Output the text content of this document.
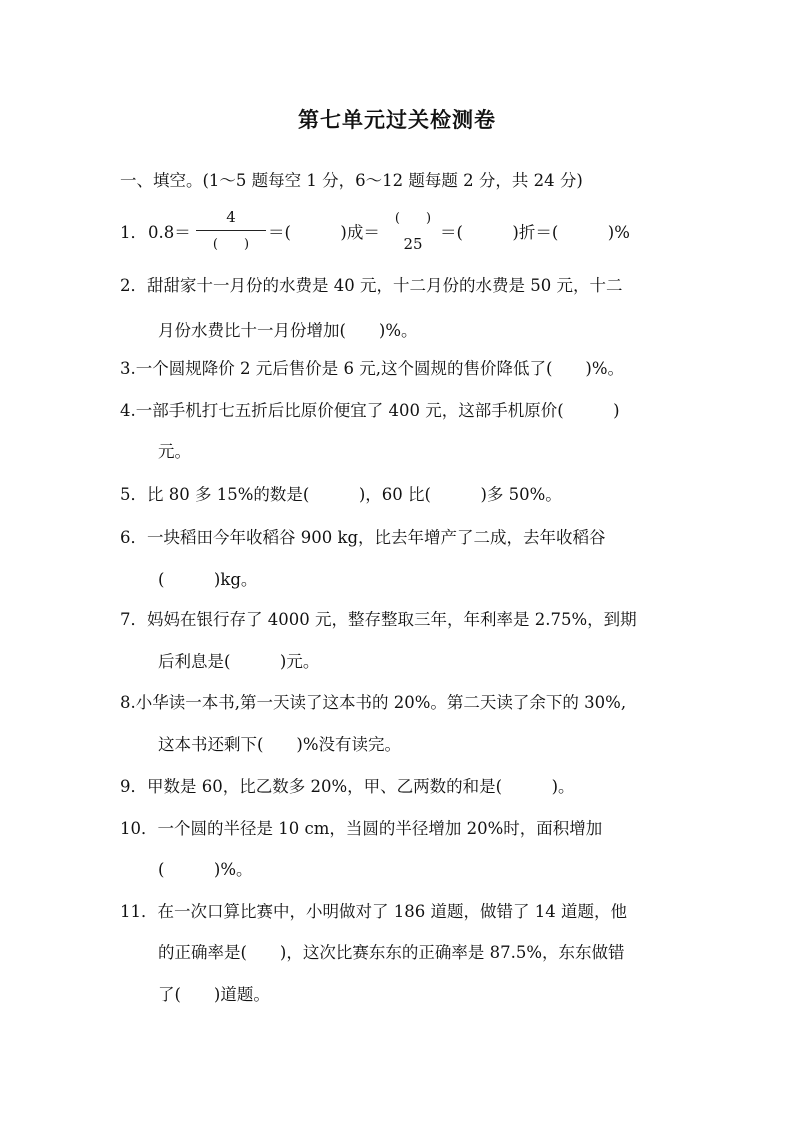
第七单元过关检测卷
一、填空。(1～5 题每空 1 分，6～12 题每题 2 分，共 24 分)
1． 0.8＝
4
(　　)
＝(　　　)成＝
(　　)
25
＝(　　　)折＝(　　　)%
2．甜甜家十一月份的水费是 40 元，十二月份的水费是 50 元，十二
月份水费比十一月份增加(　　)%。
3.一个圆规降价 2 元后售价是 6 元,这个圆规的售价降低了(　　)%。
4.一部手机打七五折后比原价便宜了 400 元，这部手机原价(　　　)
元。
5．比 80 多 15%的数是(　　　)，60 比(　　　)多 50%。
6．一块稻田今年收稻谷 900 kg，比去年增产了二成，去年收稻谷
(　　　)kg。
7．妈妈在银行存了 4000 元，整存整取三年，年利率是 2.75%，到期
后利息是(　　　)元。
8.小华读一本书,第一天读了这本书的 20%。第二天读了余下的 30%,
这本书还剩下(　　)%没有读完。
9．甲数是 60，比乙数多 20%，甲、乙两数的和是(　　　)。
10．一个圆的半径是 10 cm，当圆的半径增加 20%时，面积增加
(　　　)%。
11．在一次口算比赛中，小明做对了 186 道题，做错了 14 道题，他
的正确率是(　　)，这次比赛东东的正确率是 87.5%，东东做错
了(　　)道题。
